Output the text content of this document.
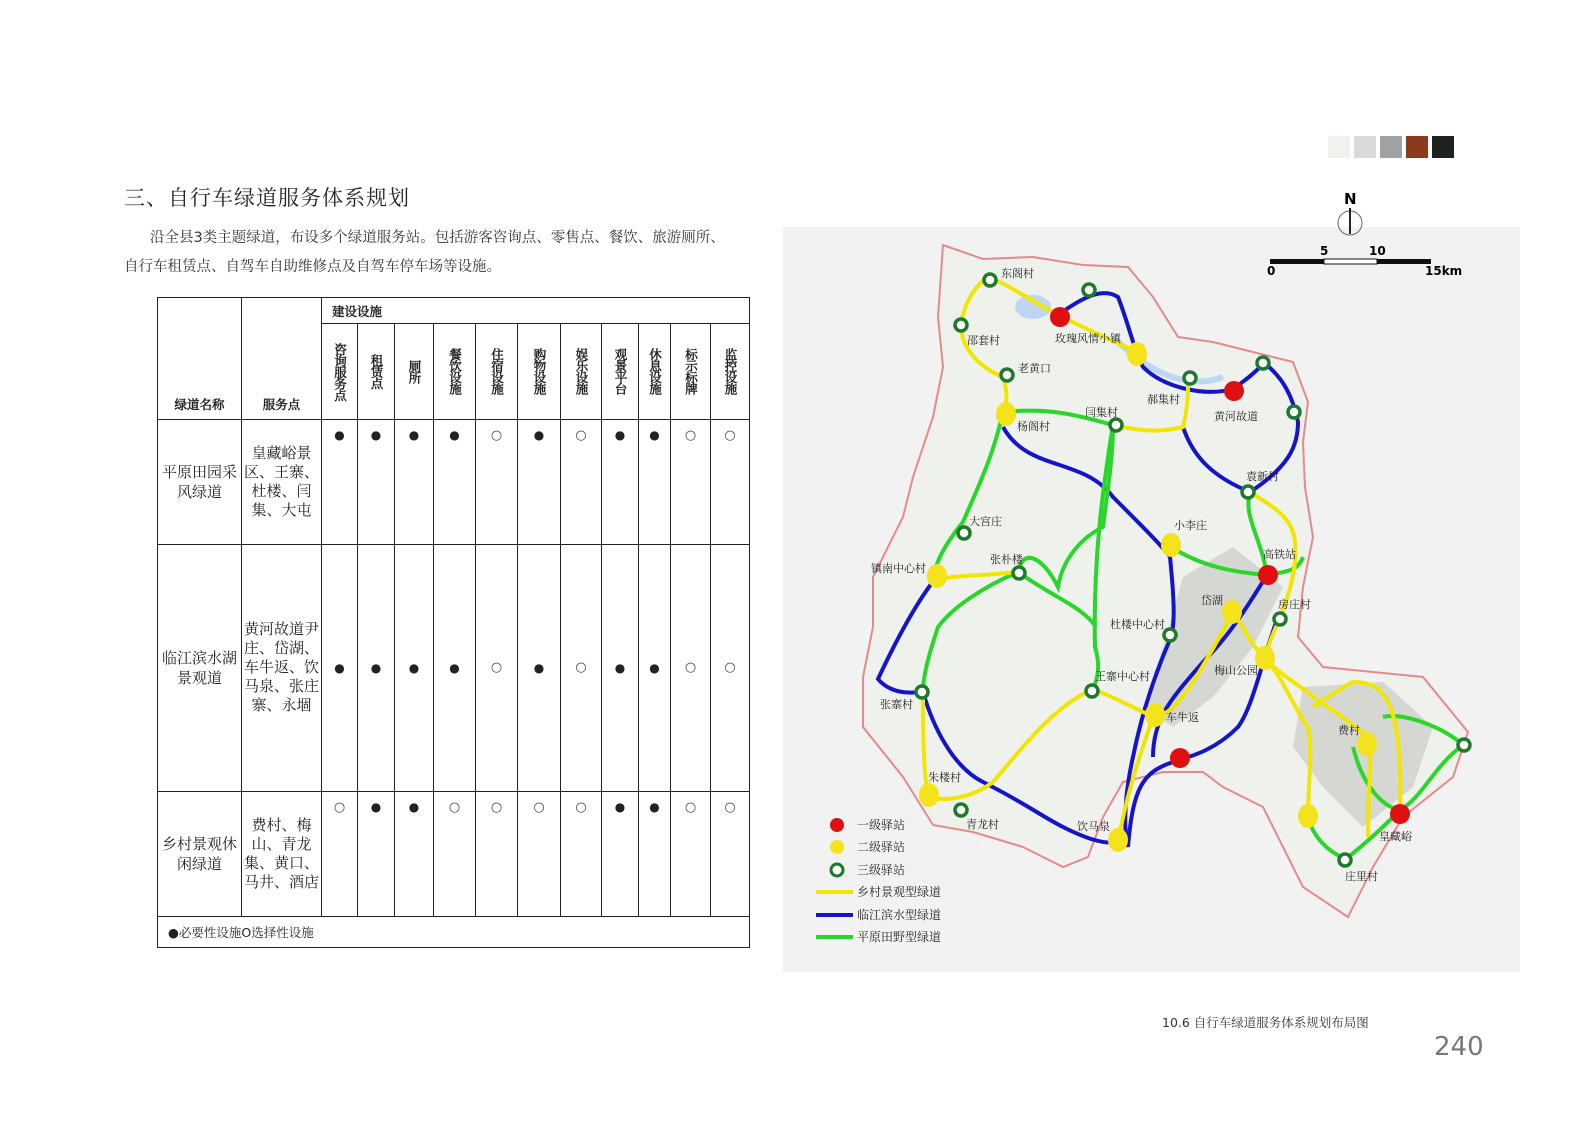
三、自行车绿道服务体系规划
沿全县3类主题绿道，布设多个绿道服务站。包括游客咨询点、零售点、餐饮、旅游厕所、
自行车租赁点、自驾车自助维修点及自驾车停车场等设施。
绿道名称	服务点	建设设施										

		咨询服务点	租赁点	厕所	餐饮设施	住宿设施	购物设施	娱乐设施	观景平台	休息设施	标示标牌	监控设施

平原田园采风绿道	皇藏峪景区、王寨、杜楼、闫集、大屯	●	●	●	●	○	●	○	●	●	○	○
临江滨水湖景观道	黄河故道尹庄、岱湖、车牛返、饮马泉、张庄寨、永堌	●	●	●	●	○	●	○	●	●	○	○
乡村景观休闲绿道	费村、梅山、青龙集、黄口、马井、酒店	○	●	●	○	○	○	○	●	●	○	○
●必要性设施O选择性设施												
东阁村
邵套村	玫瑰风情小镇
老黄口
郝集村
黄河故道
杨阁村
闫集村
袁新村
大宫庄	小李庄
张朴楼
镇南中心村
高铁站
岱湖	房庄村
杜楼中心村
梅山公园
王寨中心村
张寨村
车牛返
费村
朱楼村
青龙村	饮马泉
皇藏峪
庄里村
0
5	10
15km
一级驿站
二级驿站
三级驿站
乡村景观型绿道
临江滨水型绿道
平原田野型绿道
N
10.6 自行车绿道服务体系规划布局图
240
